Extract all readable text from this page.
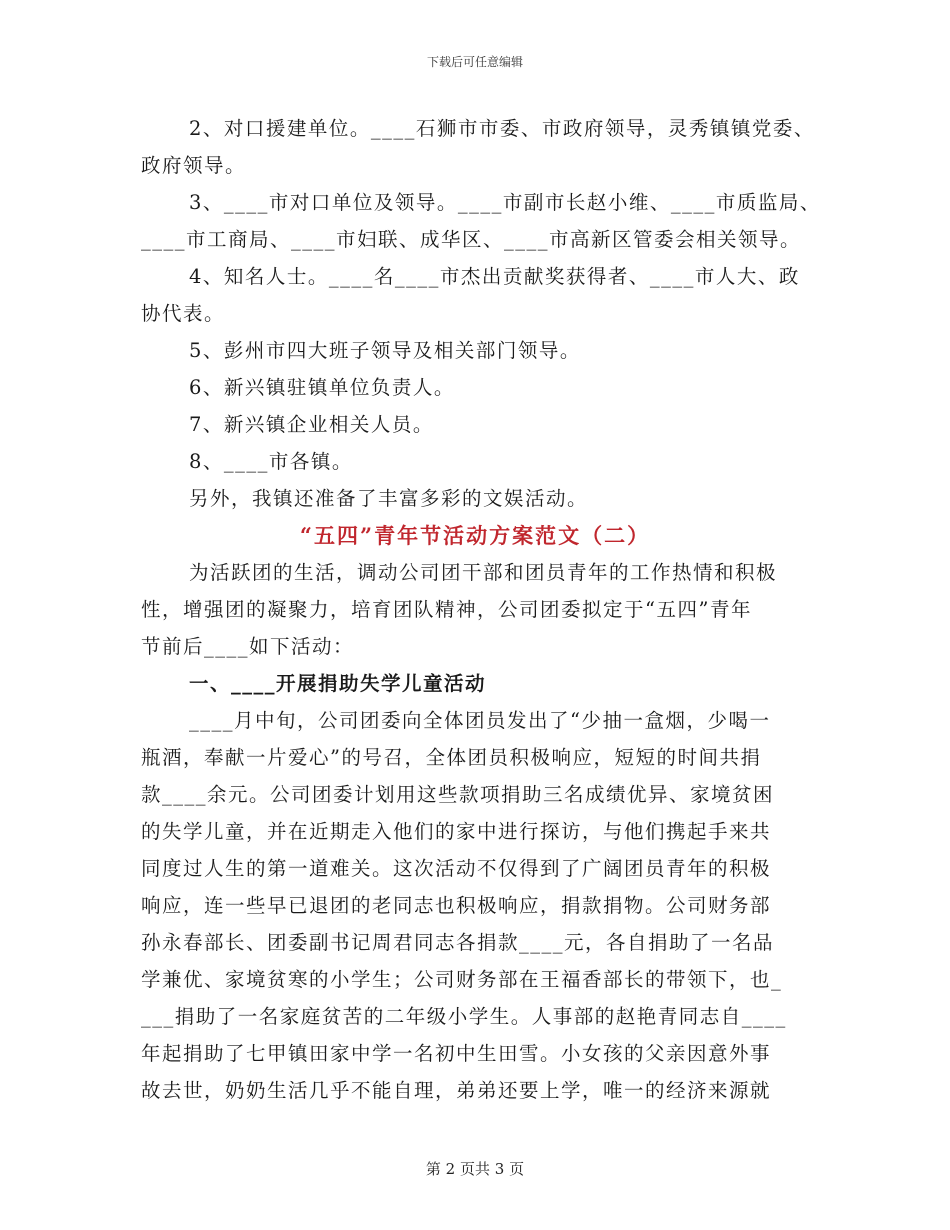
下载后可任意编辑
2、对口援建单位。____石狮市市委、市政府领导，灵秀镇镇党委、
政府领导。
3、____市对口单位及领导。____市副市长赵小维、____市质监局、
____市工商局、____市妇联、成华区、____市高新区管委会相关领导。
4、知名人士。____名____市杰出贡献奖获得者、____市人大、政
协代表。
5、彭州市四大班子领导及相关部门领导。
6、新兴镇驻镇单位负责人。
7、新兴镇企业相关人员。
8、____市各镇。
另外，我镇还准备了丰富多彩的文娱活动。
“五四”青年节活动方案范文（二）
为活跃团的生活，调动公司团干部和团员青年的工作热情和积极
性，增强团的凝聚力，培育团队精神，公司团委拟定于“五四”青年
节前后____如下活动：
一、____开展捐助失学儿童活动
____月中旬，公司团委向全体团员发出了“少抽一盒烟，少喝一
瓶酒，奉献一片爱心”的号召，全体团员积极响应，短短的时间共捐
款____余元。公司团委计划用这些款项捐助三名成绩优异、家境贫困
的失学儿童，并在近期走入他们的家中进行探访，与他们携起手来共
同度过人生的第一道难关。这次活动不仅得到了广阔团员青年的积极
响应，连一些早已退团的老同志也积极响应，捐款捐物。公司财务部
孙永春部长、团委副书记周君同志各捐款____元，各自捐助了一名品
学兼优、家境贫寒的小学生；公司财务部在王福香部长的带领下，也_
___捐助了一名家庭贫苦的二年级小学生。人事部的赵艳青同志自____
年起捐助了七甲镇田家中学一名初中生田雪。小女孩的父亲因意外事
故去世，奶奶生活几乎不能自理，弟弟还要上学，唯一的经济来源就
第 2 页共 3 页
